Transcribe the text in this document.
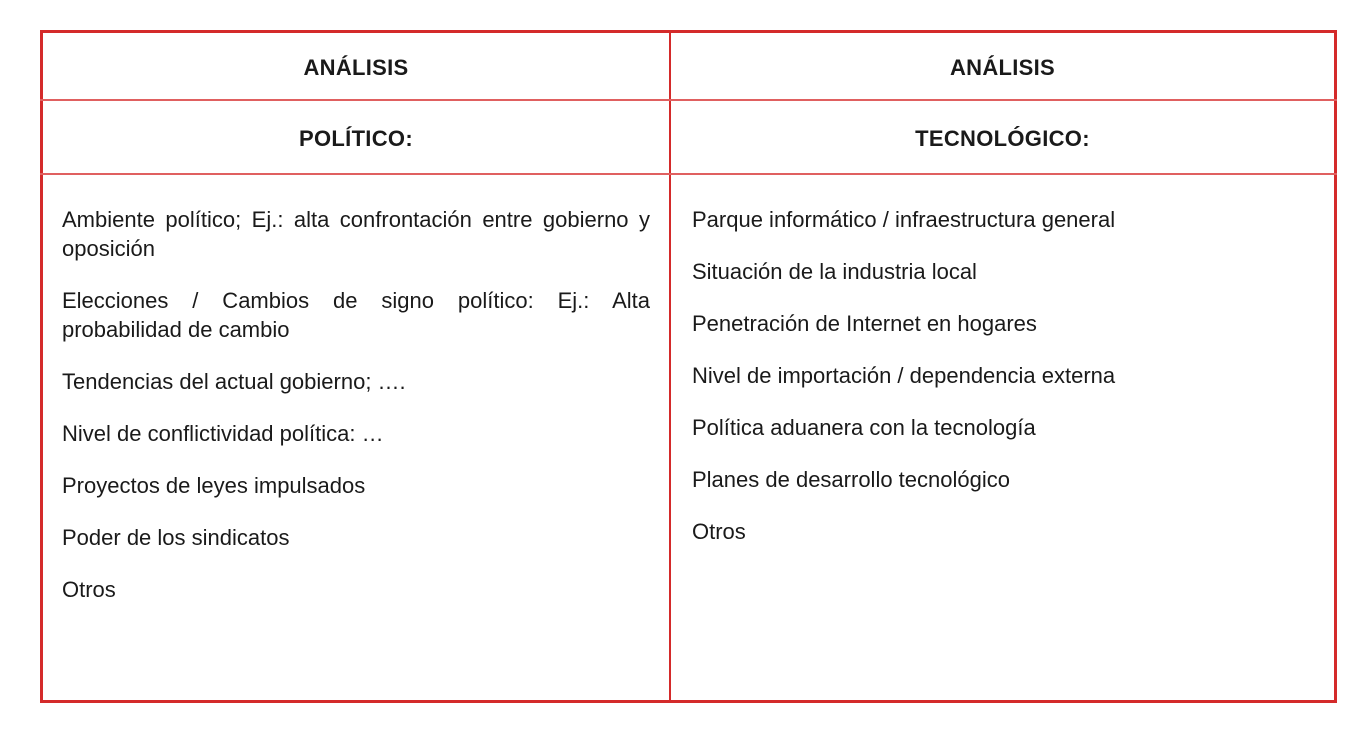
ANÁLISIS	ANÁLISIS
POLÍTICO:	TECNOLÓGICO:
Ambiente político; Ej.: alta confrontación entre gobierno y oposición
Elecciones / Cambios de signo político: Ej.: Alta probabilidad de cambio
Tendencias del actual gobierno; ….
Nivel de conflictividad política: …
Proyectos de leyes impulsados
Poder de los sindicatos
Otros
Parque informático / infraestructura general
Situación de la industria local
Penetración de Internet en hogares
Nivel de importación / dependencia externa
Política aduanera con la tecnología
Planes de desarrollo tecnológico
Otros
